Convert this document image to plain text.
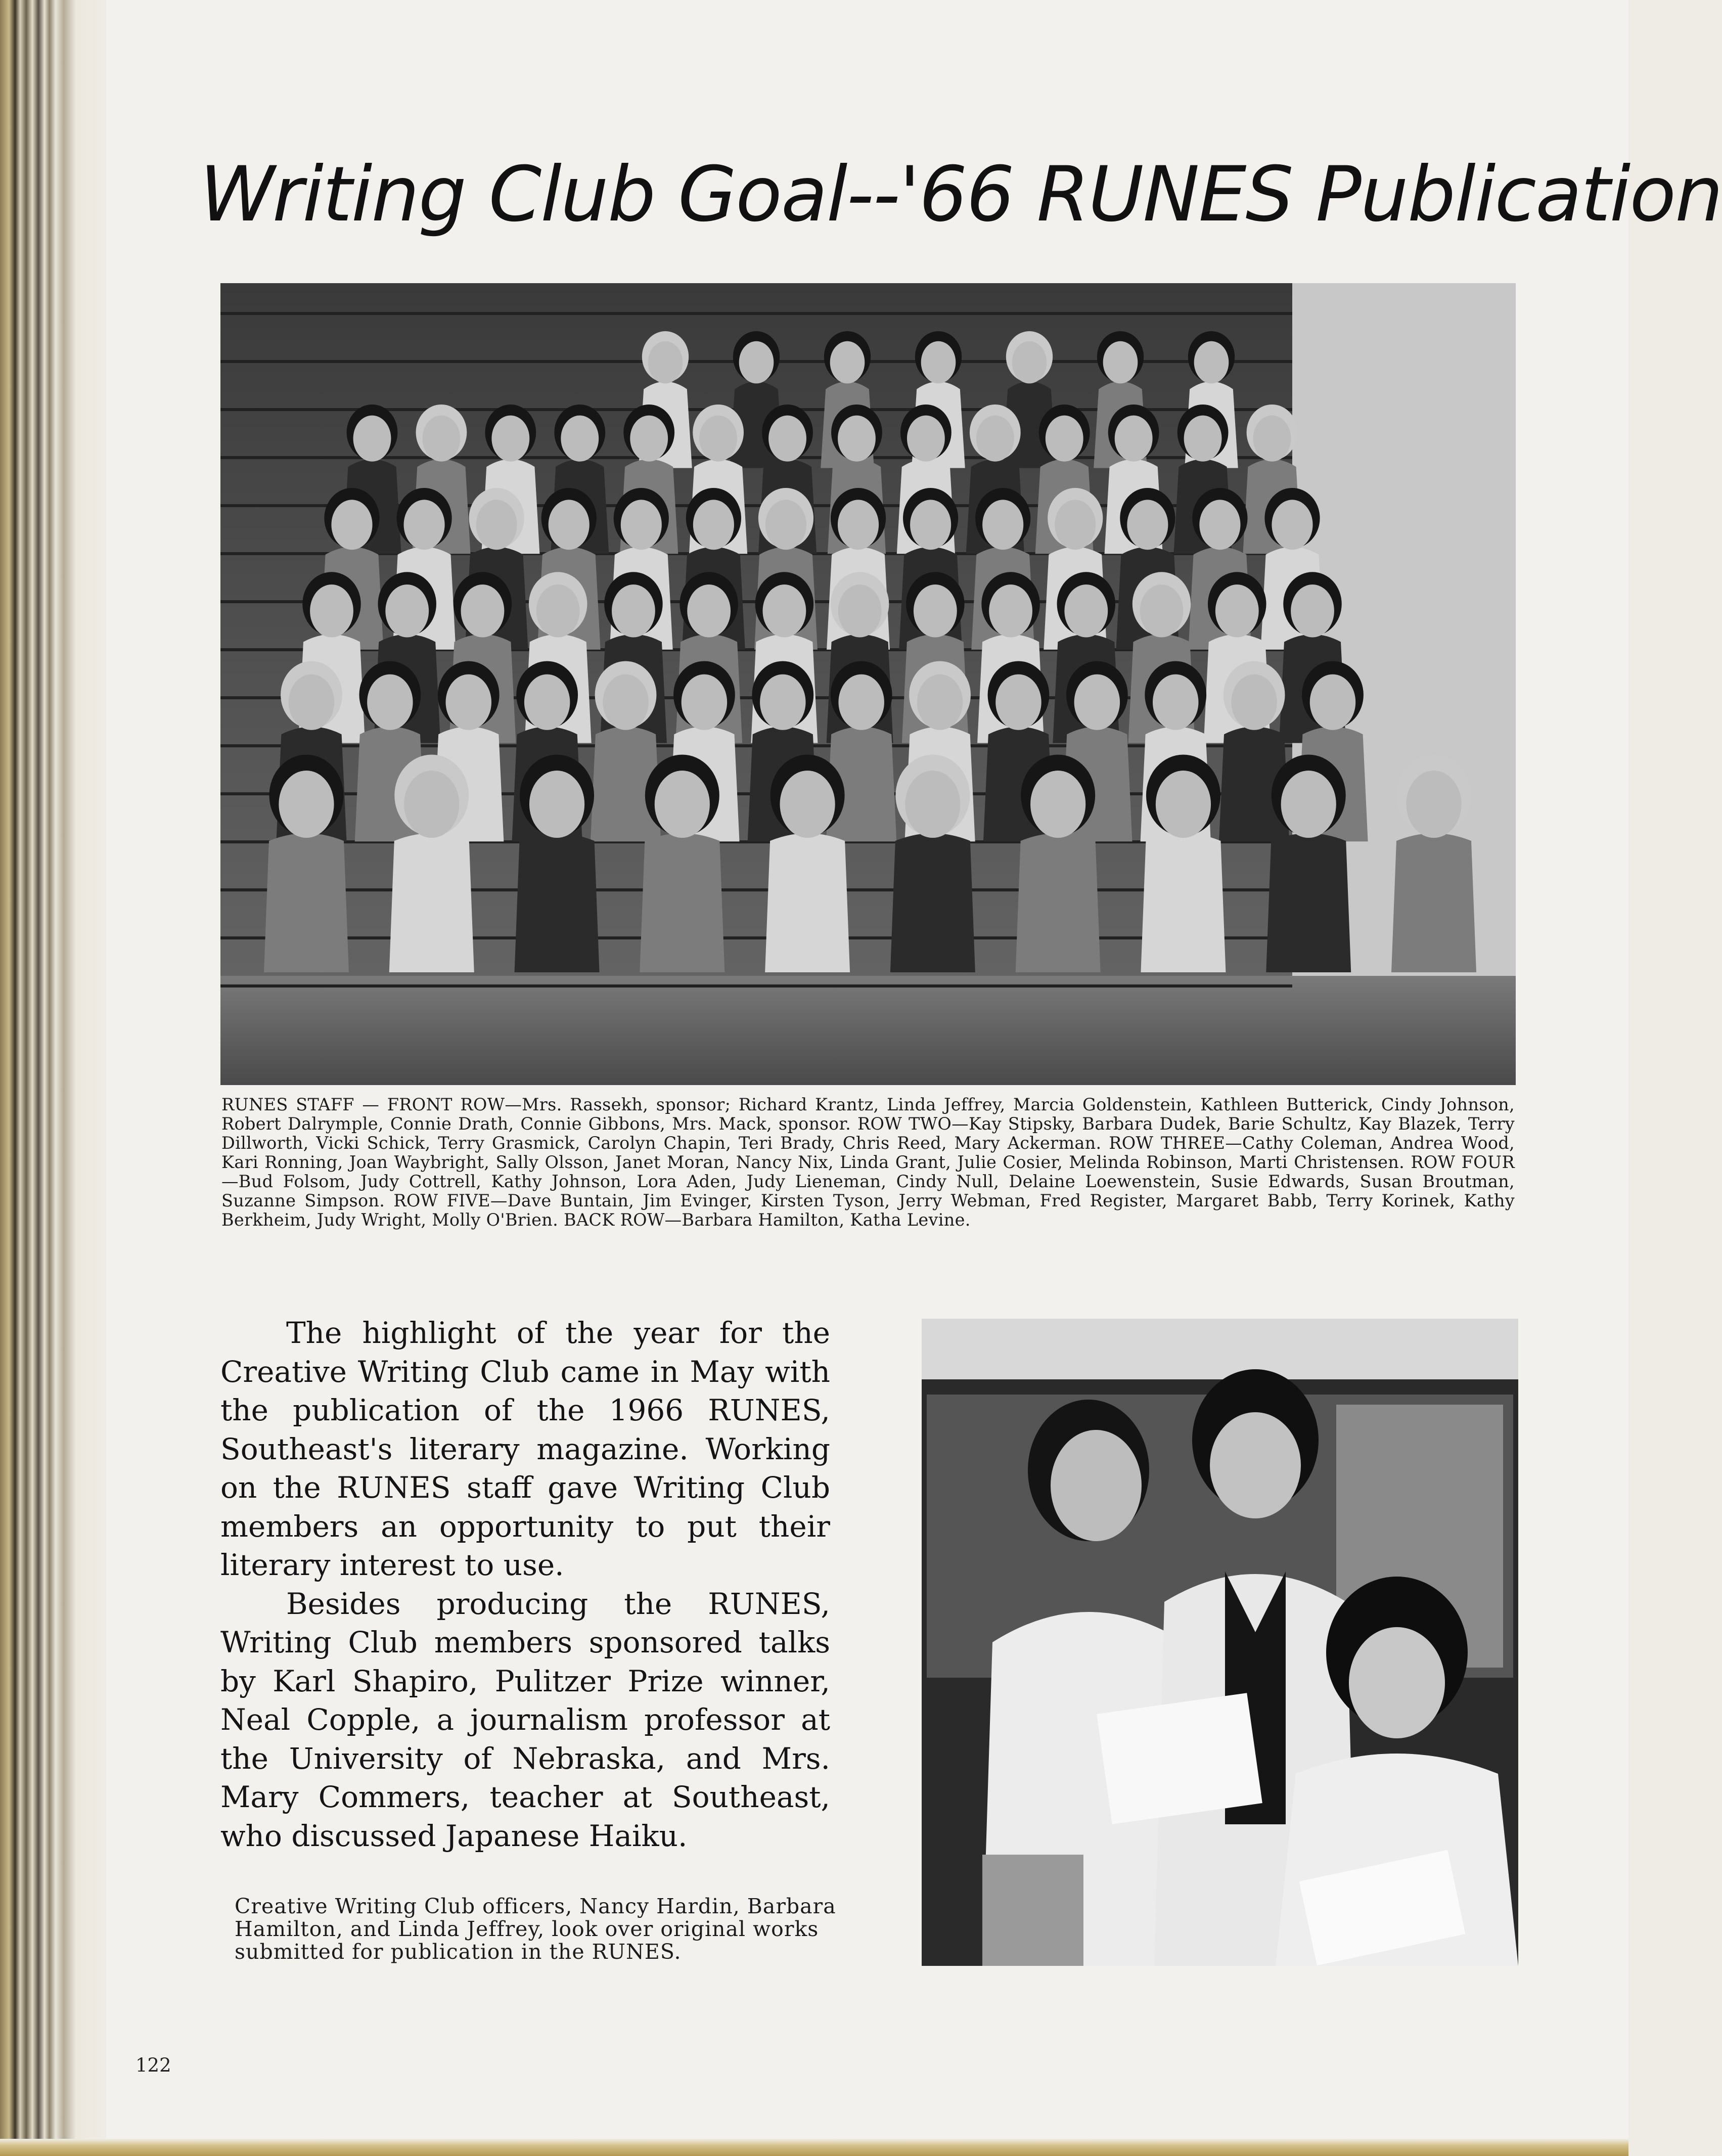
Writing Club Goal--'66 RUNES Publication

RUNES STAFF — FRONT ROW—Mrs. Rassekh, sponsor; Richard Krantz, Linda Jeffrey, Marcia Goldenstein, Kathleen Butterick, Cindy Johnson, Robert Dalrymple, Connie Drath, Connie Gibbons, Mrs. Mack, sponsor. ROW TWO—Kay Stipsky, Barbara Dudek, Barie Schultz, Kay Blazek, Terry Dillworth, Vicki Schick, Terry Grasmick, Carolyn Chapin, Teri Brady, Chris Reed, Mary Ackerman. ROW THREE—Cathy Coleman, Andrea Wood, Kari Ronning, Joan Waybright, Sally Olsson, Janet Moran, Nancy Nix, Linda Grant, Julie Cosier, Melinda Robinson, Marti Christensen. ROW FOUR—Bud Folsom, Judy Cottrell, Kathy Johnson, Lora Aden, Judy Lieneman, Cindy Null, Delaine Loewenstein, Susie Edwards, Susan Broutman, Suzanne Simpson. ROW FIVE—Dave Buntain, Jim Evinger, Kirsten Tyson, Jerry Webman, Fred Register, Margaret Babb, Terry Korinek, Kathy Berkheim, Judy Wright, Molly O'Brien. BACK ROW—Barbara Hamilton, Katha Levine.

The highlight of the year for the Creative Writing Club came in May with the publication of the 1966 RUNES, Southeast's literary magazine. Working on the RUNES staff gave Writing Club members an opportunity to put their literary interest to use.
Besides producing the RUNES, Writing Club members sponsored talks by Karl Shapiro, Pulitzer Prize winner, Neal Copple, a journalism professor at the University of Nebraska, and Mrs. Mary Commers, teacher at Southeast, who discussed Japanese Haiku.

Creative Writing Club officers, Nancy Hardin, Barbara Hamilton, and Linda Jeffrey, look over original works submitted for publication in the RUNES.

122
